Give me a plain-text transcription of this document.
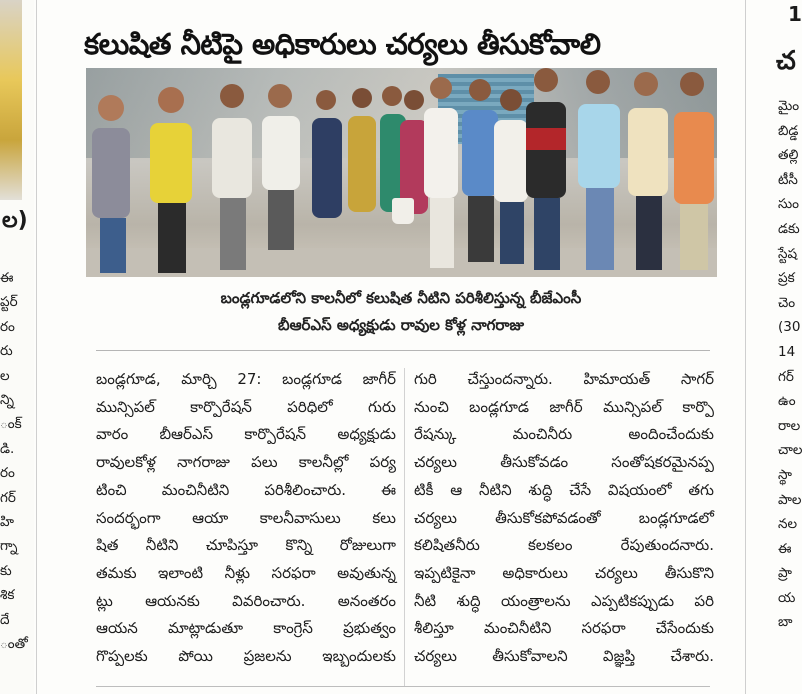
ల)
ఈ
ప్టర్
రం
రు
ల
న్ని
ంక్
డి.
రం
గర్
హి
గ్నా
కు
శిక
దే
ంతో
కలుషిత నీటిపై అధికారులు చర్యలు తీసుకోవాలి
బండ్లగూడలోని కాలనీలో కలుషిత నీటిని పరిశీలిస్తున్న బీజేఎంసీ
బీఆర్ఎస్ అధ్యక్షుడు రావుల కోళ్ల నాగరాజు
బండ్లగూడ, మార్చి 27: బండ్లగూడ జాగీర్
మున్సిపల్ కార్పొరేషన్ పరిధిలో గురు
వారం బీఆర్ఎస్ కార్పొరేషన్ అధ్యక్షుడు
రావులకోళ్ల నాగరాజు పలు కాలనీల్లో పర్య
టించి మంచినీటిని పరిశీలించారు. ఈ
సందర్భంగా ఆయా కాలనీవాసులు కలు
షిత నీటిని చూపిస్తూ కొన్ని రోజులుగా
తమకు ఇలాంటి నీళ్లు సరఫరా అవుతున్న
ట్లు ఆయనకు వివరించారు. అనంతరం
ఆయన మాట్లాడుతూ కాంగ్రెస్ ప్రభుత్వం
గొప్పలకు పోయి ప్రజలను ఇబ్బందులకు
గురి చేస్తుందన్నారు. హిమాయత్ సాగర్
నుంచి బండ్లగూడ జాగీర్ మున్సిపల్ కార్పొ
రేషన్కు మంచినీరు అందించేందుకు
చర్యలు తీసుకోవడం సంతోషకరమైనప్ప
టికీ ఆ నీటిని శుద్ధి చేసే విషయంలో తగు
చర్యలు తీసుకోకపోవడంతో బండ్లగూడలో
కలిషితనీరు కలకలం రేపుతుందనారు.
ఇప్పటికైనా అధికారులు చర్యలు తీసుకొని
నీటి శుద్ధి యంత్రాలను ఎప్పటికప్పుడు పరి
శీలిస్తూ మంచినీటిని సరఫరా చేసేందుకు
చర్యలు తీసుకోవాలని విజ్ఞప్తి చేశారు.
1
చ
మైం
బిడ్డ
తల్లి
టీసీ
సుం
డకు
స్టేష
ప్రక
చెం
(30
14
గర్
ఉం
రాల
చాల
స్థా
పాల
నల
ఈ
ప్రా
య
బా
